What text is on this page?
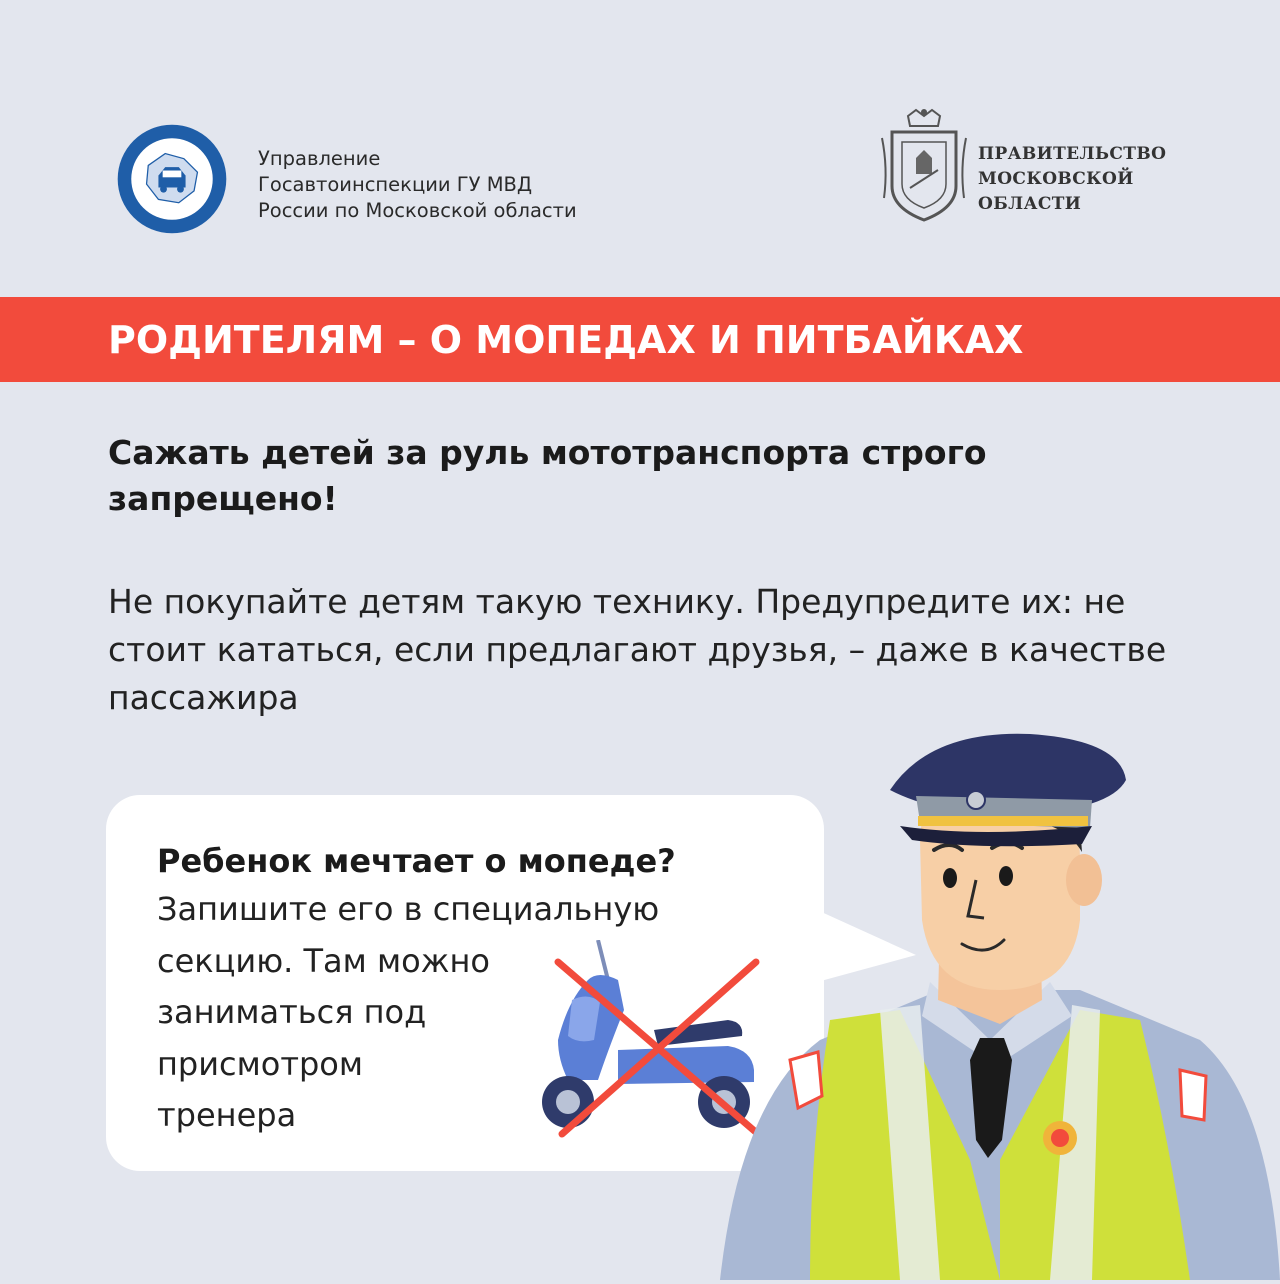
Управление
Госавтоинспекции ГУ МВД
России по Московской области
ПРАВИТЕЛЬСТВО
МОСКОВСКОЙ
ОБЛАСТИ
РОДИТЕЛЯМ – О МОПЕДАХ И ПИТБАЙКАХ
Сажать детей за руль мототранспорта строго запрещено!
Не покупайте детям такую технику. Предупредите их: не стоит кататься, если предлагают друзья, – даже в качестве пассажира
Ребенок мечтает о мопеде?
Запишите его в специальную
секцию. Там можно
заниматься под
присмотром
тренера
